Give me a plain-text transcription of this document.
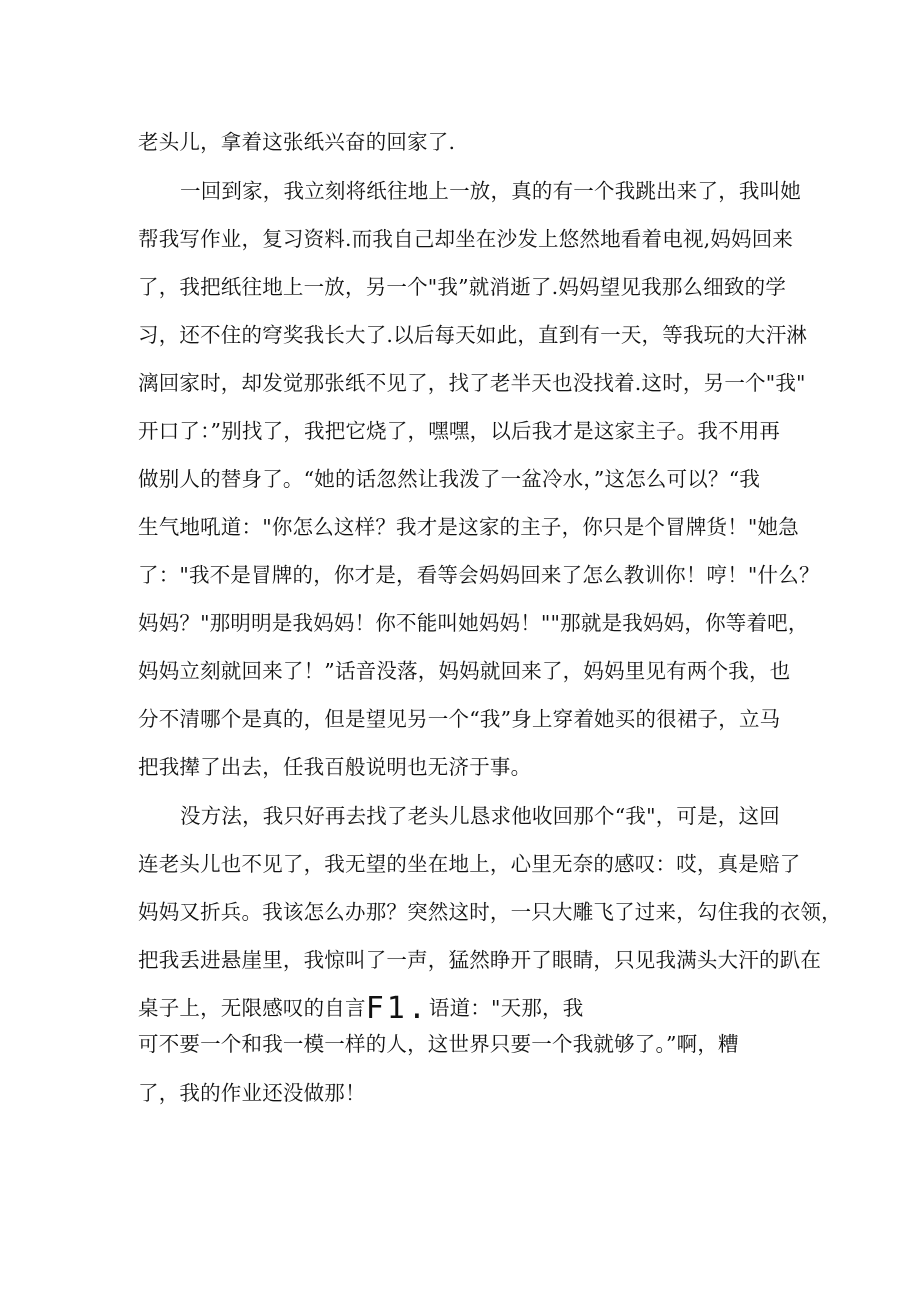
老头儿，拿着这张纸兴奋的回家了.
一回到家，我立刻将纸往地上一放，真的有一个我跳出来了，我叫她
帮我写作业，复习资料.而我自己却坐在沙发上悠然地看着电视,妈妈回来
了，我把纸往地上一放，另一个"我”就消逝了.妈妈望见我那么细致的学
习，还不住的穹奖我长大了.以后每天如此，直到有一天，等我玩的大汗淋
漓回家时，却发觉那张纸不见了，找了老半天也没找着.这时，另一个"我"
开口了：”别找了，我把它烧了，嘿嘿，以后我才是这家主子。我不用再
做别人的替身了。“她的话忽然让我泼了一盆冷水，”这怎么可以？“我
生气地吼道："你怎么这样？我才是这家的主子，你只是个冒牌货！"她急
了："我不是冒牌的，你才是，看等会妈妈回来了怎么教训你！哼！"什么？
妈妈？"那明明是我妈妈！你不能叫她妈妈！""那就是我妈妈，你等着吧，
妈妈立刻就回来了！”话音没落，妈妈就回来了，妈妈里见有两个我，也
分不清哪个是真的，但是望见另一个“我”身上穿着她买的很裙子，立马
把我撵了出去，任我百般说明也无济于事。
没方法，我只好再去找了老头儿恳求他收回那个“我"，可是，这回
连老头儿也不见了，我无望的坐在地上，心里无奈的感叹：哎，真是赔了
妈妈又折兵。我该怎么办那？突然这时，一只大雕飞了过来，勾住我的衣领，
把我丢进悬崖里，我惊叫了一声，猛然睁开了眼睛，只见我满头大汗的趴在
桌子上，无限感叹的自言F1.语道："天那，我
可不要一个和我一模一样的人，这世界只要一个我就够了。”啊，糟
了，我的作业还没做那！
